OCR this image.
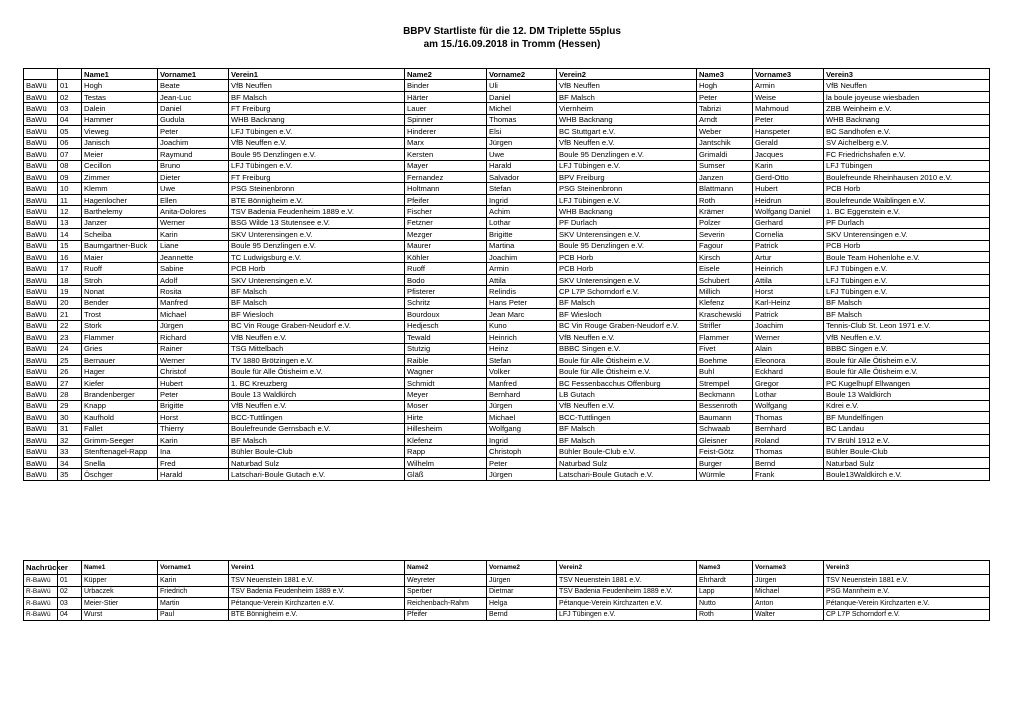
BBPV Startliste für die 12. DM Triplette 55plus
am 15./16.09.2018 in Tromm (Hessen)
		Name1	Vorname1	Verein1	Name2	Vorname2	Verein2	Name3	Vorname3	Verein3
BaWü	01	Hogh	Beate	VfB Neuffen	Binder	Uli	VfB Neuffen	Hogh	Armin	VfB Neuffen
BaWü	02	Testas	Jean-Luc	BF Malsch	Härter	Daniel	BF Malsch	Peter	Weise	la boule joyeuse wiesbaden
BaWü	03	Dalein	Daniel	FT Freiburg	Lauer	Michel	Viernheim	Tabrizi	Mahmoud	ZBB Weinheim e.V.
BaWü	04	Hammer	Gudula	WHB Backnang	Spinner	Thomas	WHB Backnang	Arndt	Peter	WHB Backnang
BaWü	05	Vieweg	Peter	LFJ Tübingen e.V.	Hinderer	Elsi	BC Stuttgart e.V.	Weber	Hanspeter	BC Sandhofen e.V.
BaWü	06	Janisch	Joachim	VfB Neuffen e.V.	Marx	Jürgen	VfB Neuffen e.V.	Jantschik	Gerald	SV Aichelberg e.V.
BaWü	07	Meier	Raymund	Boule 95 Denzlingen e.V.	Kersten	Uwe	Boule 95 Denzlingen e.V.	Grimaldi	Jacques	FC Friedrichshafen e.V.
BaWü	08	Cecillon	Bruno	LFJ Tübingen e.V.	Mayer	Harald	LFJ Tübingen e.V.	Sumser	Karin	LFJ Tübingen
BaWü	09	Zimmer	Dieter	FT Freiburg	Fernandez	Salvador	BPV Freiburg	Janzen	Gerd-Otto	Boulefreunde Rheinhausen 2010 e.V.
BaWü	10	Klemm	Uwe	PSG Steinenbronn	Holtmann	Stefan	PSG Steinenbronn	Blattmann	Hubert	PCB Horb
BaWü	11	Hagenlocher	Ellen	BTE Bönnigheim e.V.	Pfeifer	Ingrid	LFJ Tübingen e.V.	Roth	Heidrun	Boulefreunde Waiblingen e.V.
BaWü	12	Barthelemy	Anita-Dolores	TSV Badenia Feudenheim 1889 e.V.	Fischer	Achim	WHB Backnang	Krämer	Wolfgang Daniel	1. BC Eggenstein e.V.
BaWü	13	Janzer	Werner	BSG Wilde 13 Stutensee e.V.	Fetzner	Lothar	PF Durlach	Polzer	Gerhard	PF Durlach
BaWü	14	Scheiba	Karin	SKV Unterensingen e.V.	Mezger	Brigitte	SKV Unterensingen e.V.	Severin	Cornelia	SKV Unterensingen e.V.
BaWü	15	Baumgartner-Buck	Liane	Boule 95 Denzlingen e.V.	Maurer	Martina	Boule 95 Denzlingen e.V.	Fagour	Patrick	PCB Horb
BaWü	16	Maier	Jeannette	TC Ludwigsburg e.V.	Köhler	Joachim	PCB Horb	Kirsch	Artur	Boule Team Hohenlohe e.V.
BaWü	17	Ruoff	Sabine	PCB Horb	Ruoff	Armin	PCB Horb	Eisele	Heinrich	LFJ Tübingen e.V.
BaWü	18	Stroh	Adolf	SKV Unterensingen e.V.	Bodo	Attila	SKV Unterensingen e.V.	Schubert	Attila	LFJ Tübingen e.V.
BaWü	19	Nonat	Rosita	BF Malsch	Pfisterer	Relindis	CP L7P Schorndorf e.V.	Millich	Horst	LFJ Tübingen e.V.
BaWü	20	Bender	Manfred	BF Malsch	Schritz	Hans Peter	BF Malsch	Klefenz	Karl-Heinz	BF Malsch
BaWü	21	Trost	Michael	BF Wiesloch	Bourdoux	Jean Marc	BF Wiesloch	Kraschewski	Patrick	BF Malsch
BaWü	22	Stork	Jürgen	BC Vin Rouge Graben-Neudorf e.V.	Hedjesch	Kuno	BC Vin Rouge Graben-Neudorf e.V.	Strifler	Joachim	Tennis-Club St. Leon 1971 e.V.
BaWü	23	Flammer	Richard	VfB Neuffen e.V.	Tewald	Heinrich	VfB Neuffen e.V.	Flammer	Werner	VfB Neuffen e.V.
BaWü	24	Gries	Rainer	TSG Mittelbach	Stutzig	Heinz	BBBC Singen e.V.	Fivet	Alain	BBBC Singen e.V.
BaWü	25	Bernauer	Werner	TV 1880 Brötzingen e.V.	Raible	Stefan	Boule für Alle Ötisheim e.V.	Boehme	Eleonora	Boule für Alle Ötisheim e.V.
BaWü	26	Hager	Christof	Boule für Alle Ötisheim e.V.	Wagner	Volker	Boule für Alle Ötisheim e.V.	Buhl	Eckhard	Boule für Alle Ötisheim e.V.
BaWü	27	Kiefer	Hubert	1. BC Kreuzberg	Schmidt	Manfred	BC Fessenbacchus Offenburg	Strempel	Gregor	PC Kugelhupf Ellwangen
BaWü	28	Brandenberger	Peter	Boule 13 Waldkirch	Meyer	Bernhard	LB Gutach	Beckmann	Lothar	Boule 13 Waldkirch
BaWü	29	Knapp	Brigitte	VfB Neuffen e.V.	Moser	Jürgen	VfB Neuffen e.V.	Bessenroth	Wolfgang	Kdrei e.V.
BaWü	30	Kaufhold	Horst	BCC-Tuttlingen	Hirte	Michael	BCC-Tuttlingen	Baumann	Thomas	BF Mundelfingen
BaWü	31	Fallet	Thierry	Boulefreunde Gernsbach e.V.	Hillesheim	Wolfgang	BF Malsch	Schwaab	Bernhard	BC Landau
BaWü	32	Grimm-Seeger	Karin	BF Malsch	Klefenz	Ingrid	BF Malsch	Gleisner	Roland	TV Brühl 1912 e.V.
BaWü	33	Stenftenagel-Rapp	Ina	Bühler Boule-Club	Rapp	Christoph	Bühler Boule-Club e.V.	Feist-Götz	Thomas	Bühler Boule-Club
BaWü	34	Snella	Fred	Naturbad Sulz	Wilhelm	Peter	Naturbad Sulz	Burger	Bernd	Naturbad Sulz
BaWü	35	Öschger	Harald	Latschari-Boule Gutach e.V.	Gläß	Jürgen	Latschari-Boule Gutach e.V.	Würmle	Frank	Boule13Waldkirch e.V.
Nachrücker		Name1	Vorname1	Verein1	Name2	Vorname2	Verein2	Name3	Vorname3	Verein3
R-BaWü	01	Küpper	Karin	TSV Neuenstein 1881 e.V.	Weyreter	Jürgen	TSV Neuenstein 1881 e.V.	Ehrhardt	Jürgen	TSV Neuenstein 1881 e.V.
R-BaWü	02	Urbaczek	Friedrich	TSV Badenia Feudenheim 1889 e.V.	Sperber	Dietmar	TSV Badenia Feudenheim 1889 e.V.	Lapp	Michael	PSG Mannheim e.V.
R-BaWü	03	Meier-Stier	Martin	Pétanque-Verein Kirchzarten e.V.	Reichenbach-Rahm	Helga	Pétanque-Verein Kirchzarten e.V.	Nutto	Anton	Pétanque-Verein Kirchzarten e.V.
R-BaWü	04	Wurst	Paul	BTE Bönnigheim e.V.	Pfeifer	Bernd	LFJ Tübingen e.V.	Roth	Walter	CP L7P Schorndorf e.V.
